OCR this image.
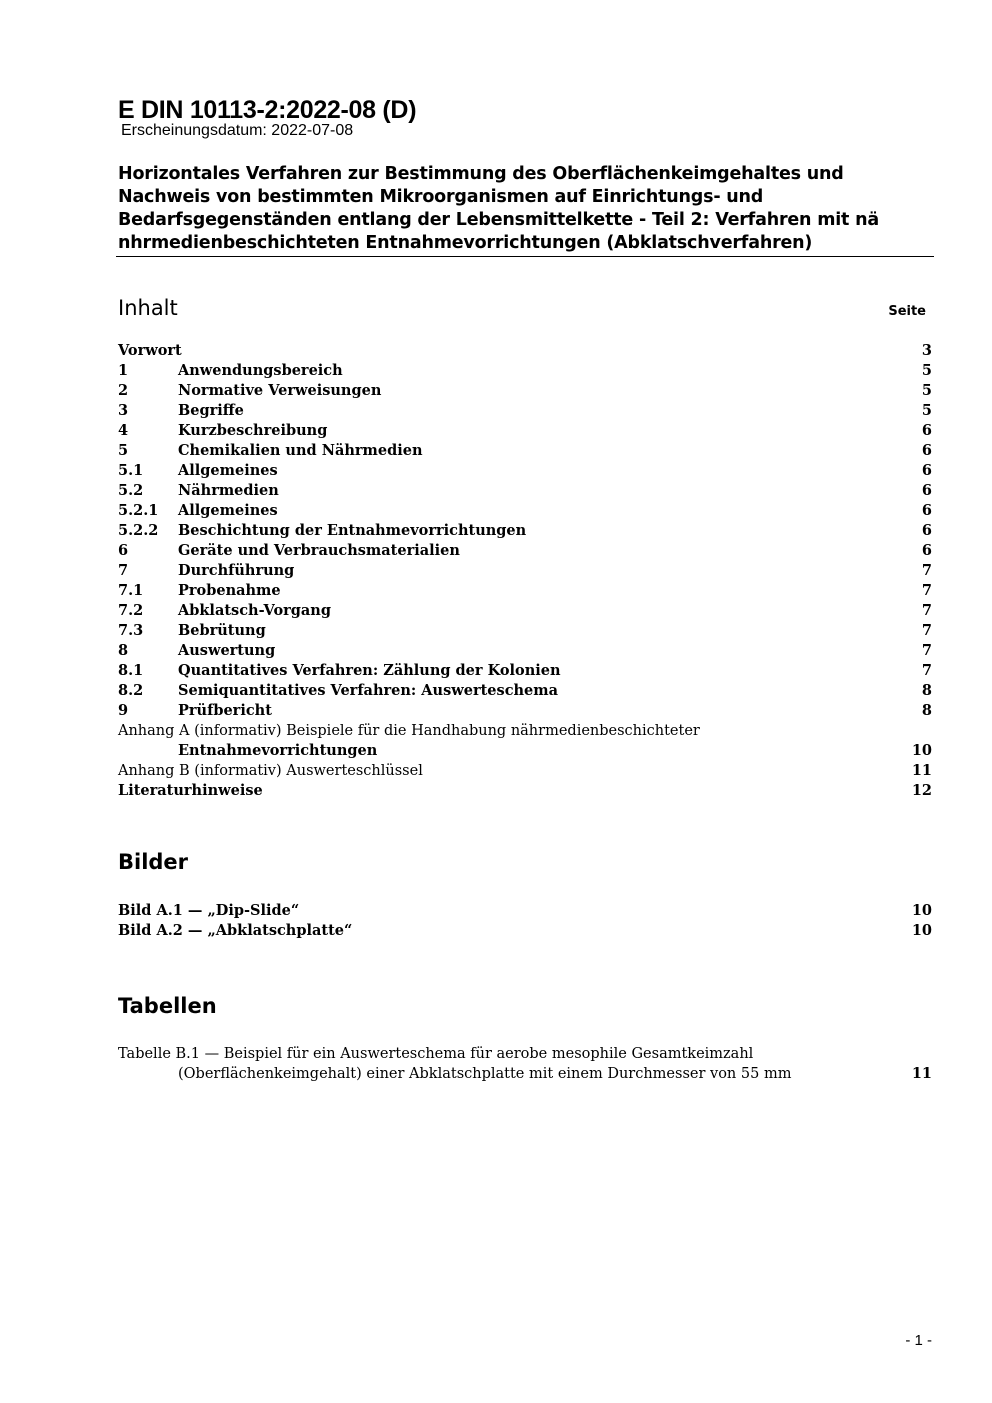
E DIN 10113-2:2022-08 (D)
Erscheinungsdatum: 2022-07-08
Horizontales Verfahren zur Bestimmung des Oberflächenkeimgehaltes und
Nachweis von bestimmten Mikroorganismen auf Einrichtungs- und
Bedarfsgegenständen entlang der Lebensmittelkette - Teil 2: Verfahren mit nä
nhrmedienbeschichteten Entnahmevorrichtungen (Abklatschverfahren)
Inhalt	Seite
Vorwort	3
1	Anwendungsbereich	5
2	Normative Verweisungen	5
3	Begriffe	5
4	Kurzbeschreibung	6
5	Chemikalien und Nährmedien	6
5.1 Allgemeines	6
5.2 Nährmedien	6
5.2.1 Allgemeines	6
5.2.2 Beschichtung der Entnahmevorrichtungen	6
6	Geräte und Verbrauchsmaterialien	6
7	Durchführung	7
7.1 Probenahme	7
7.2 Abklatsch-Vorgang	7
7.3 Bebrütung	7
8	Auswertung	7
8.1 Quantitatives Verfahren: Zählung der Kolonien	7
8.2 Semiquantitatives Verfahren: Auswerteschema	8
9	Prüfbericht	8
Anhang A (informativ) Beispiele für die Handhabung nährmedienbeschichteter
Entnahmevorrichtungen	10
Anhang B (informativ) Auswerteschlüssel	11
Literaturhinweise	12
Bilder
Bild A.1 — „Dip-Slide“	10
Bild A.2 — „Abklatschplatte“	10
Tabellen
Tabelle B.1 — Beispiel für ein Auswerteschema für aerobe mesophile Gesamtkeimzahl
(Oberflächenkeimgehalt) einer Abklatschplatte mit einem Durchmesser von 55 mm	11
- 1 -
